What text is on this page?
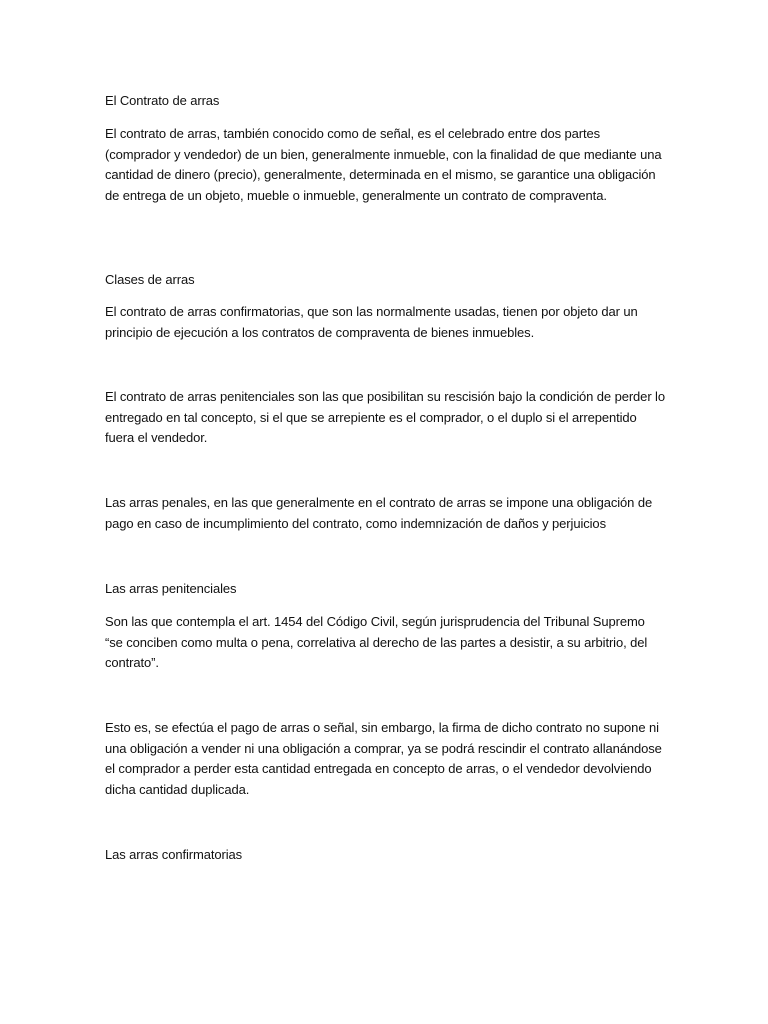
El Contrato de arras

El contrato de arras, también conocido como de señal, es el celebrado entre dos partes (comprador y vendedor) de un bien, generalmente inmueble, con la finalidad de que mediante una cantidad de dinero (precio), generalmente, determinada en el mismo, se garantice una obligación de entrega de un objeto, mueble o inmueble, generalmente un contrato de compraventa.

Clases de arras

El contrato de arras confirmatorias, que son las normalmente usadas, tienen por objeto dar un principio de ejecución a los contratos de compraventa de bienes inmuebles.

El contrato de arras penitenciales son las que posibilitan su rescisión bajo la condición de perder lo entregado en tal concepto, si el que se arrepiente es el comprador, o el duplo si el arrepentido fuera el vendedor.

Las arras penales, en las que generalmente en el contrato de arras se impone una obligación de pago en caso de incumplimiento del contrato, como indemnización de daños y perjuicios

Las arras penitenciales

Son las que contempla el art. 1454 del Código Civil, según jurisprudencia del Tribunal Supremo “se conciben como multa o pena, correlativa al derecho de las partes a desistir, a su arbitrio, del contrato”.

Esto es, se efectúa el pago de arras o señal, sin embargo, la firma de dicho contrato no supone ni una obligación a vender ni una obligación a comprar, ya se podrá rescindir el contrato allanándose el comprador a perder esta cantidad entregada en concepto de arras, o el vendedor devolviendo dicha cantidad duplicada.

Las arras confirmatorias
